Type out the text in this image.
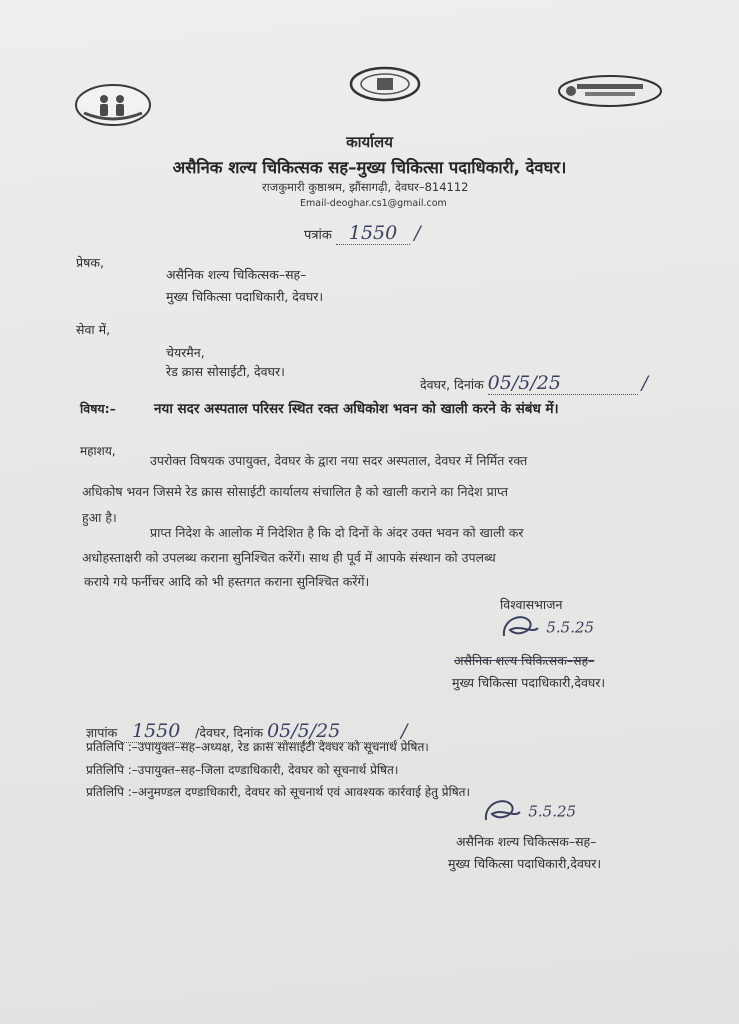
कार्यालय
असैनिक शल्य चिकित्सक सह–मुख्य चिकित्सा पदाधिकारी, देवघर।
राजकुमारी कुष्ठाश्रम, झौंसागढ़ी, देवघर–814112
Email-deoghar.cs1@gmail.com
पत्रांक 1550 /
प्रेषक,
असैनिक शल्य चिकित्सक–सह–
मुख्य चिकित्सा पदाधिकारी, देवघर।
सेवा में,
चेयरमैन,
रेड क्रास सोसाईटी, देवघर।
देवघर, दिनांक 05/5/25	/
विषय:–	नया सदर अस्पताल परिसर स्थित रक्त अधिकोश भवन को खाली करने के संबंध में।
महाशय,
उपरोक्त विषयक उपायुक्त, देवघर के द्वारा नया सदर अस्पताल, देवघर में निर्मित रक्त
अधिकोष भवन जिसमे रेड क्रास सोसाईटी कार्यालय संचालित है को खाली कराने का निदेश प्राप्त
हुआ है।
प्राप्त निदेश के आलोक में निदेशित है कि दो दिनों के अंदर उक्त भवन को खाली कर
अधोहस्ताक्षरी को उपलब्ध कराना सुनिश्चित करेंगें। साथ ही पूर्व में आपके संस्थान को उपलब्ध
कराये गये फर्नीचर आदि को भी हस्तगत कराना सुनिश्चित करेंगें।
विश्वासभाजन
5.5.25
असैनिक शल्य चिकित्सक–सह–
मुख्य चिकित्सा पदाधिकारी,देवघर।
ज्ञापांक 1550 /देवघर, दिनांक 05/5/25	/
प्रतिलिपि :–उपायुक्त–सह–अध्यक्ष, रेड क्रास सोसाईटी देवघर को सूचनार्थ प्रेषित।
प्रतिलिपि :–उपायुक्त–सह–जिला दण्डाधिकारी, देवघर को सूचनार्थ प्रेषित।
प्रतिलिपि :–अनुमण्डल दण्डाधिकारी, देवघर को सूचनार्थ एवं आवश्यक कार्रवाई हेतु प्रेषित।
5.5.25
असैनिक शल्य चिकित्सक–सह–
मुख्य चिकित्सा पदाधिकारी,देवघर।
